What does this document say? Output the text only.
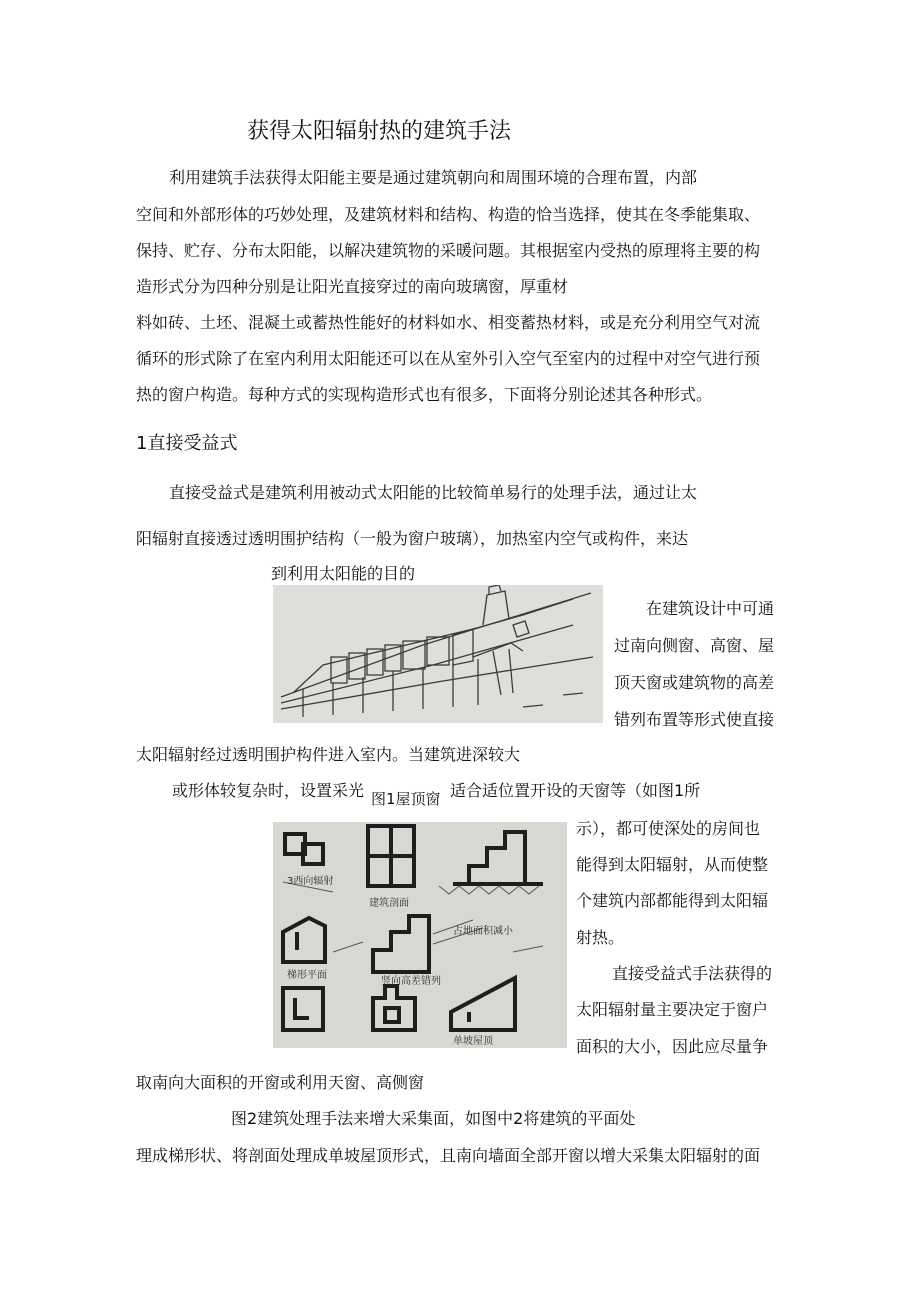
获得太阳辐射热的建筑手法
利用建筑手法获得太阳能主要是通过建筑朝向和周围环境的合理布置，内部
空间和外部形体的巧妙处理，及建筑材料和结构、构造的恰当选择，使其在冬季能集取、
保持、贮存、分布太阳能，以解决建筑物的采暖问题。其根据室内受热的原理将主要的构
造形式分为四种分别是让阳光直接穿过的南向玻璃窗，厚重材
料如砖、土坯、混凝土或蓄热性能好的材料如水、相变蓄热材料，或是充分利用空气对流
循环的形式除了在室内利用太阳能还可以在从室外引入空气至室内的过程中对空气进行预
热的窗户构造。每种方式的实现构造形式也有很多，下面将分别论述其各种形式。
1直接受益式
直接受益式是建筑利用被动式太阳能的比较简单易行的处理手法，通过让太
阳辐射直接透过透明围护结构（一般为窗户玻璃），加热室内空气或构件，来达
到利用太阳能的目的
在建筑设计中可通
过南向侧窗、高窗、屋
顶天窗或建筑物的高差
错列布置等形式使直接
太阳辐射经过透明围护构件进入室内。当建筑进深较大
或形体较复杂时，设置采光	适合适位置开设的天窗等（如图1所
图1屋顶窗
3西向辐射
建筑剖面
梯形平面
占地面积减小
竖向高差错列
单坡屋顶
示），都可使深处的房间也
能得到太阳辐射，从而使整
个建筑内部都能得到太阳辐
射热。
直接受益式手法获得的
太阳辐射量主要决定于窗户
面积的大小，因此应尽量争
取南向大面积的开窗或利用天窗、高侧窗
图2建筑处理手法来增大采集面，如图中2将建筑的平面处
理成梯形状、将剖面处理成单坡屋顶形式，且南向墙面全部开窗以增大采集太阳辐射的面
